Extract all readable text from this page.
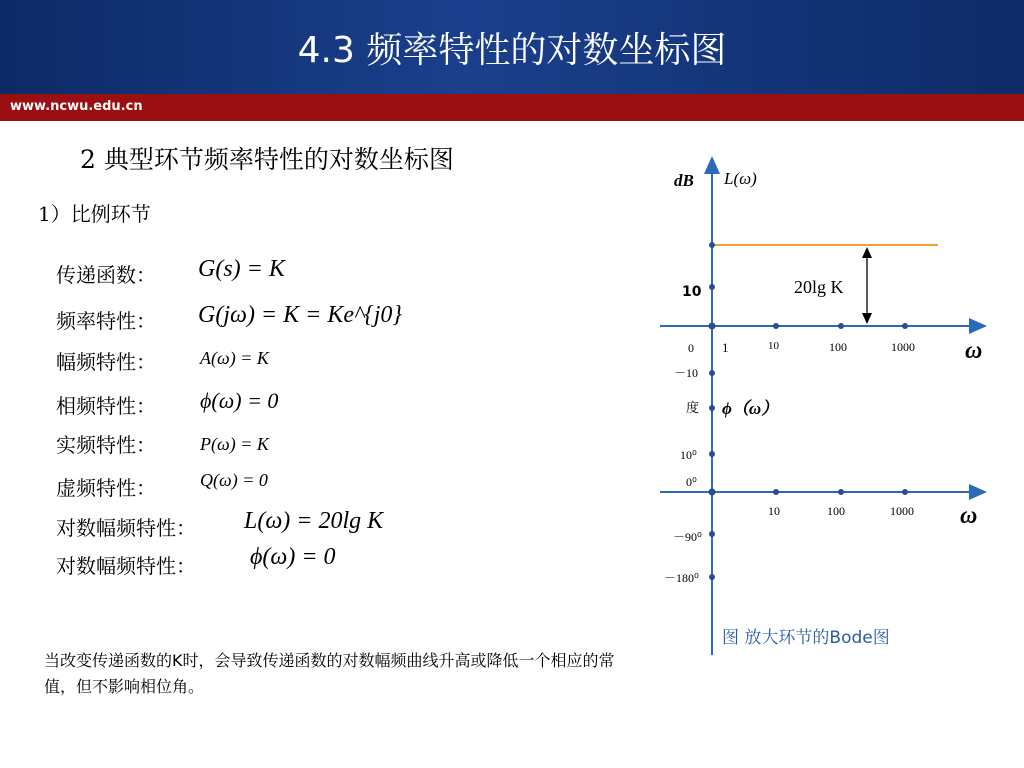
4.3 频率特性的对数坐标图
www.ncwu.edu.cn
2 典型环节频率特性的对数坐标图
1）比例环节
传递函数： G(s) = K
频率特性： G(jω) = K = Ke^{j0}
幅频特性： A(ω) = K
相频特性： ϕ(ω) = 0
实频特性： P(ω) = K
虚频特性： Q(ω) = 0
对数幅频特性： L(ω) = 20lg K
对数幅频特性： ϕ(ω) = 0
当改变传递函数的K时，会导致传递函数的对数幅频曲线升高或降低一个相应的常值，但不影响相位角。
dB L(ω)
20lg K
10
0
－10
1	10	100	1000 ω
度 ϕ（ω）
10⁰
0⁰
－90⁰
－180⁰
10	100	1000 ω
图 放大环节的Bode图
